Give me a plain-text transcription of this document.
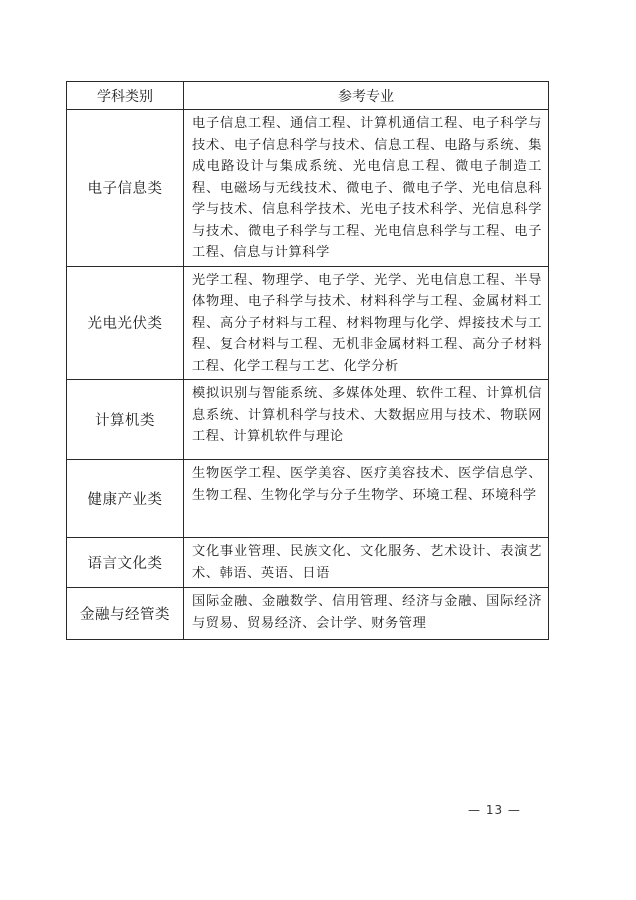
学科类别	参考专业
电子信息类	电子信息工程、通信工程、计算机通信工程、电子科学与技术、电子信息科学与技术、信息工程、电路与系统、集成电路设计与集成系统、光电信息工程、微电子制造工程、电磁场与无线技术、微电子、微电子学、光电信息科学与技术、信息科学技术、光电子技术科学、光信息科学与技术、微电子科学与工程、光电信息科学与工程、电子工程、信息与计算科学
光电光伏类	光学工程、物理学、电子学、光学、光电信息工程、半导体物理、电子科学与技术、材料科学与工程、金属材料工程、高分子材料与工程、材料物理与化学、焊接技术与工程、复合材料与工程、无机非金属材料工程、高分子材料工程、化学工程与工艺、化学分析
计算机类	模拟识别与智能系统、多媒体处理、软件工程、计算机信息系统、计算机科学与技术、大数据应用与技术、物联网工程、计算机软件与理论
健康产业类	生物医学工程、医学美容、医疗美容技术、医学信息学、生物工程、生物化学与分子生物学、环境工程、环境科学
语言文化类	文化事业管理、民族文化、文化服务、艺术设计、表演艺术、韩语、英语、日语
金融与经管类	国际金融、金融数学、信用管理、经济与金融、国际经济与贸易、贸易经济、会计学、财务管理
— 13 —
